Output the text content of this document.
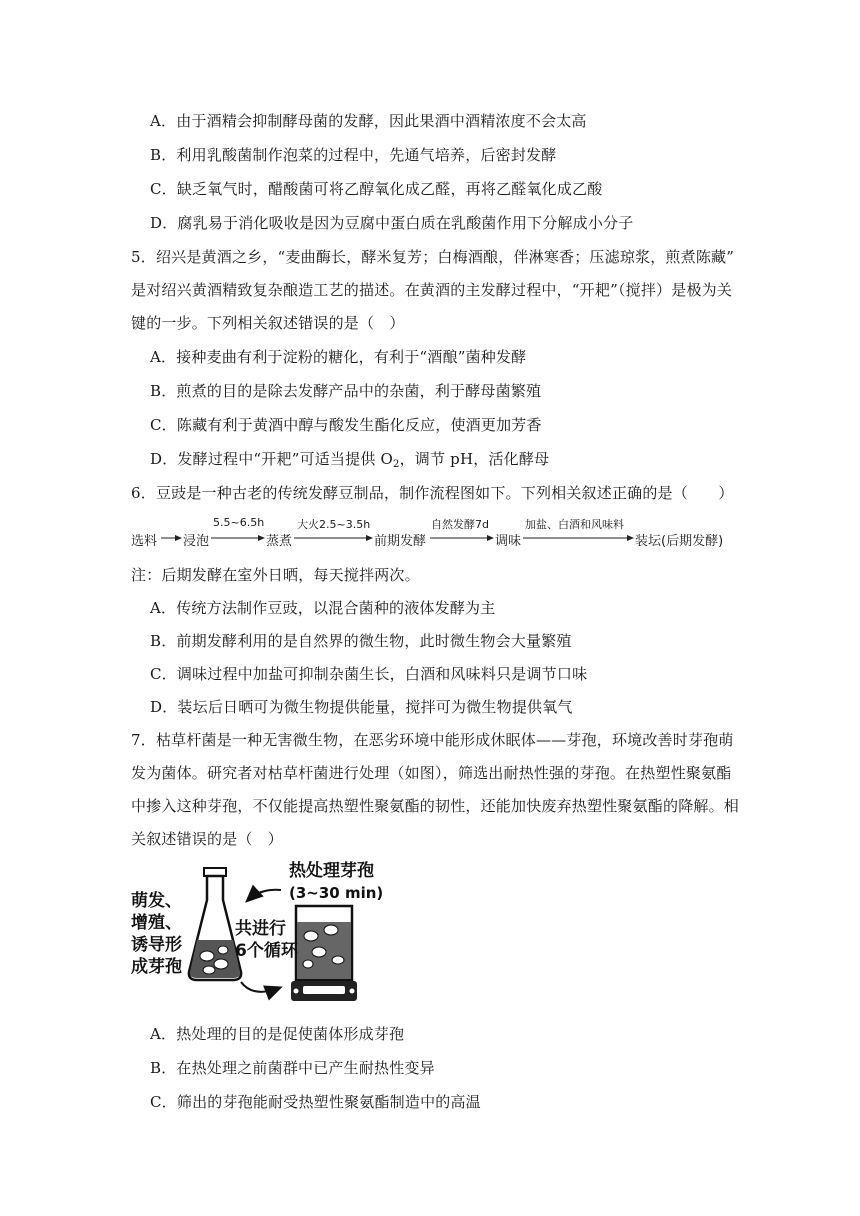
A．由于酒精会抑制酵母菌的发酵，因此果酒中酒精浓度不会太高
B．利用乳酸菌制作泡菜的过程中，先通气培养，后密封发酵
C．缺乏氧气时，醋酸菌可将乙醇氧化成乙醛，再将乙醛氧化成乙酸
D．腐乳易于消化吸收是因为豆腐中蛋白质在乳酸菌作用下分解成小分子
5．绍兴是黄酒之乡，“麦曲酶长，酵米复芳；白梅酒酿，伴淋寒香；压滤琼浆，煎煮陈藏”
是对绍兴黄酒精致复杂酿造工艺的描述。在黄酒的主发酵过程中，“开耙”（搅拌）是极为关
键的一步。下列相关叙述错误的是（　）
A．接种麦曲有利于淀粉的糖化，有利于“酒酿”菌种发酵
B．煎煮的目的是除去发酵产品中的杂菌，利于酵母菌繁殖
C．陈藏有利于黄酒中醇与酸发生酯化反应，使酒更加芳香
D．发酵过程中“开耙”可适当提供 $O_2$，调节 pH，活化酵母
6．豆豉是一种古老的传统发酵豆制品，制作流程图如下。下列相关叙述正确的是（　　）
选料 浸泡	蒸煮	前期发酵	调味	装坛(后期发酵)
5.5~6.5h	大火2.5~3.5h	自然发酵7d	加盐、白酒和风味料
注：后期发酵在室外日晒，每天搅拌两次。
A．传统方法制作豆豉，以混合菌种的液体发酵为主
B．前期发酵利用的是自然界的微生物，此时微生物会大量繁殖
C．调味过程中加盐可抑制杂菌生长，白酒和风味料只是调节口味
D．装坛后日晒可为微生物提供能量，搅拌可为微生物提供氧气
7．枯草杆菌是一种无害微生物，在恶劣环境中能形成休眠体——芽孢，环境改善时芽孢萌
发为菌体。研究者对枯草杆菌进行处理（如图），筛选出耐热性强的芽孢。在热塑性聚氨酯
中掺入这种芽孢，不仅能提高热塑性聚氨酯的韧性，还能加快废弃热塑性聚氨酯的降解。相
关叙述错误的是（　）
萌发、
增殖、
诱导形
成芽孢
共进行
6个循环
热处理芽孢
(3~30 min)
A．热处理的目的是促使菌体形成芽孢
B．在热处理之前菌群中已产生耐热性变异
C．筛出的芽孢能耐受热塑性聚氨酯制造中的高温
